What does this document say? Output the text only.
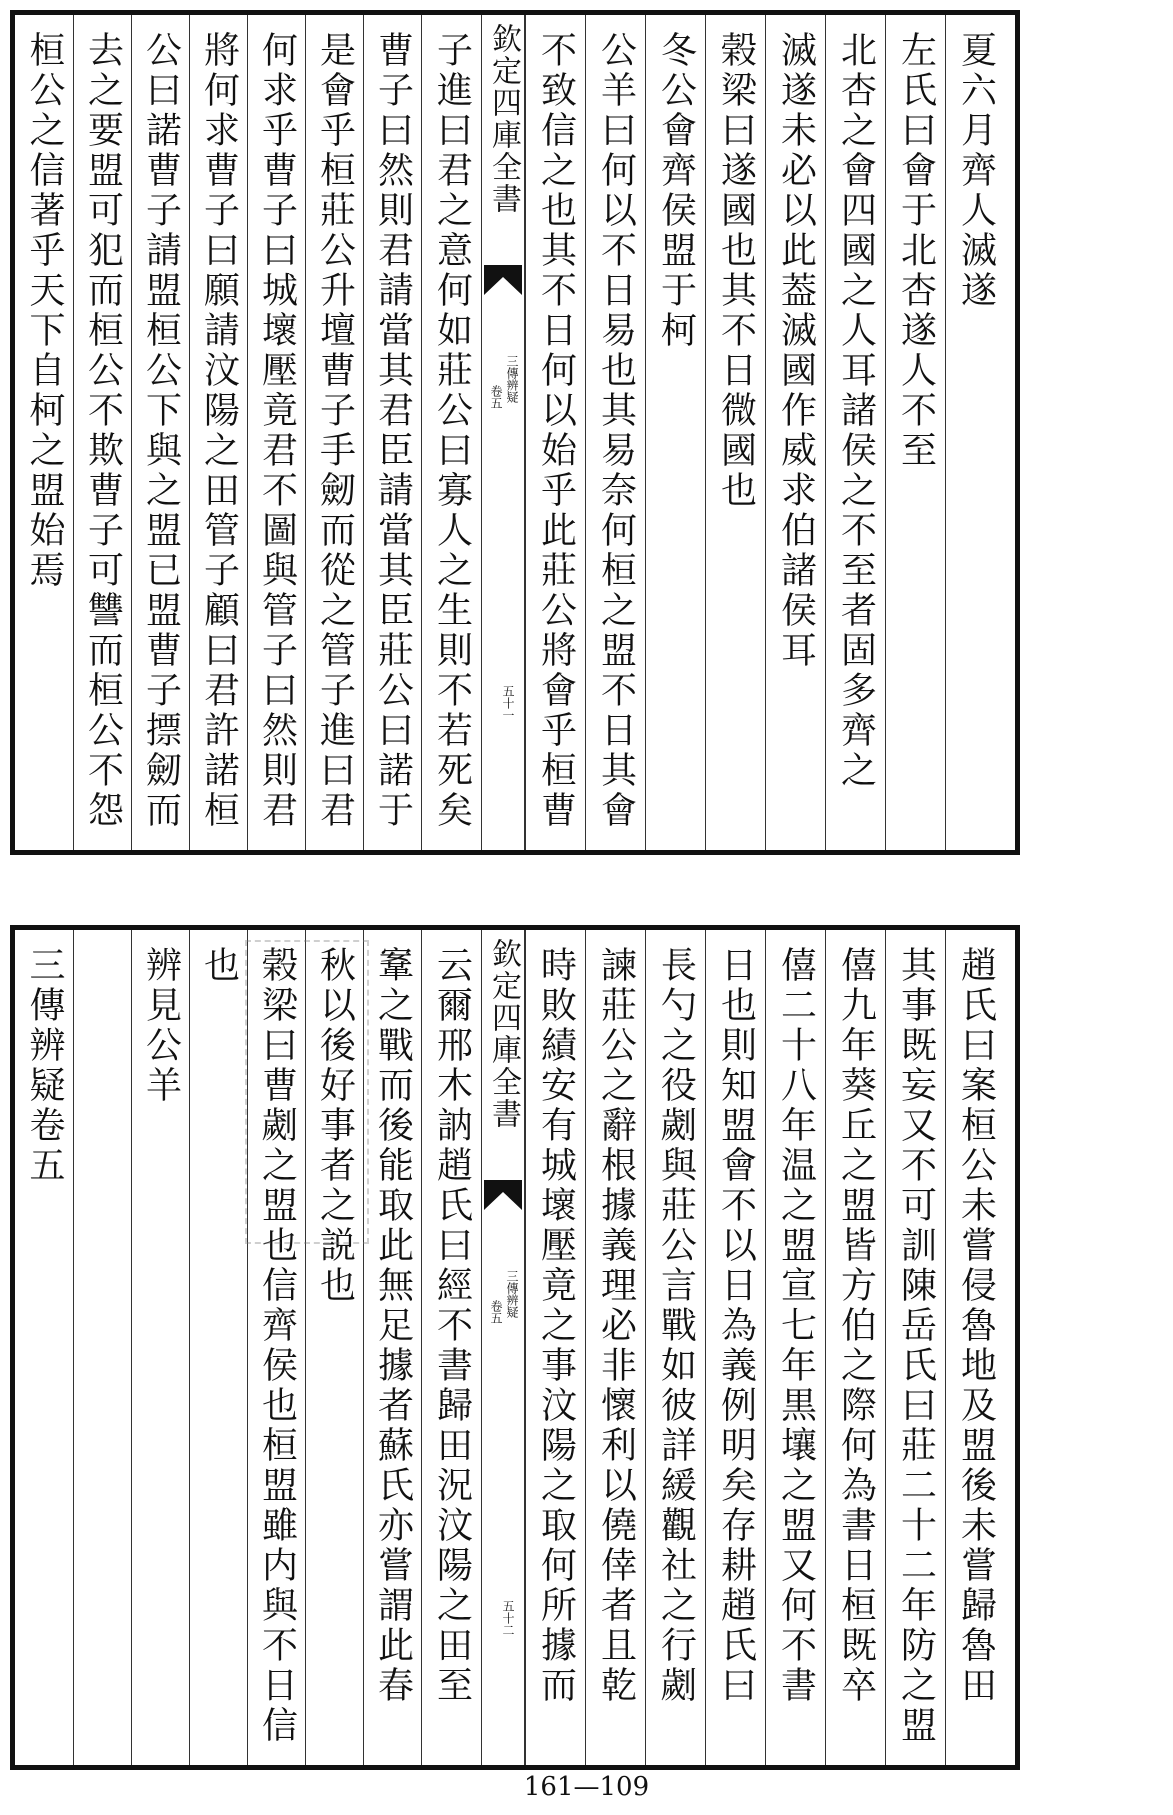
夏六月齊人滅遂
左氏曰會于北杏遂人不至
北杏之會四國之人耳諸侯之不至者固多齊之
滅遂未必以此葢滅國作威求伯諸侯耳
榖梁曰遂國也其不日微國也
冬公會齊侯盟于柯
公羊曰何以不日易也其易奈何桓之盟不日其會
不致信之也其不日何以始乎此莊公將會乎桓曹
欽定四庫全書
三傳辨疑
卷五
五十一
子進曰君之意何如莊公曰寡人之生則不若死矣
曹子曰然則君請當其君臣請當其臣莊公曰諾于
是會乎桓莊公升壇曹子手劒而從之管子進曰君
何求乎曹子曰城壞壓竟君不圖與管子曰然則君
將何求曹子曰願請汶陽之田管子顧曰君許諾桓
公曰諾曹子請盟桓公下與之盟已盟曹子摽劒而
去之要盟可犯而桓公不欺曹子可讐而桓公不怨
桓公之信著乎天下自柯之盟始焉
趙氏曰案桓公未嘗侵魯地及盟後未嘗歸魯田
其事既妄又不可訓陳岳氏曰莊二十二年防之盟
僖九年葵丘之盟皆方伯之際何為書日桓既卒
僖二十八年温之盟宣七年黒壤之盟又何不書
日也則知盟會不以日為義例明矣存耕趙氏曰
長勺之役劌與莊公言戰如彼詳緩觀社之行劌
諫莊公之辭根據義理必非懷利以僥倖者且乾
時敗績安有城壞壓竟之事汶陽之取何所據而
欽定四庫全書
三傳辨疑
卷五
五十二
云爾邢木訥趙氏曰經不書歸田況汶陽之田至
鞌之戰而後能取此無足據者蘇氏亦嘗謂此春
秋以後好事者之説也
榖梁曰曹劌之盟也信齊侯也桓盟雖内與不日信
也
辨見公羊
三傳辨疑卷五
161—109
